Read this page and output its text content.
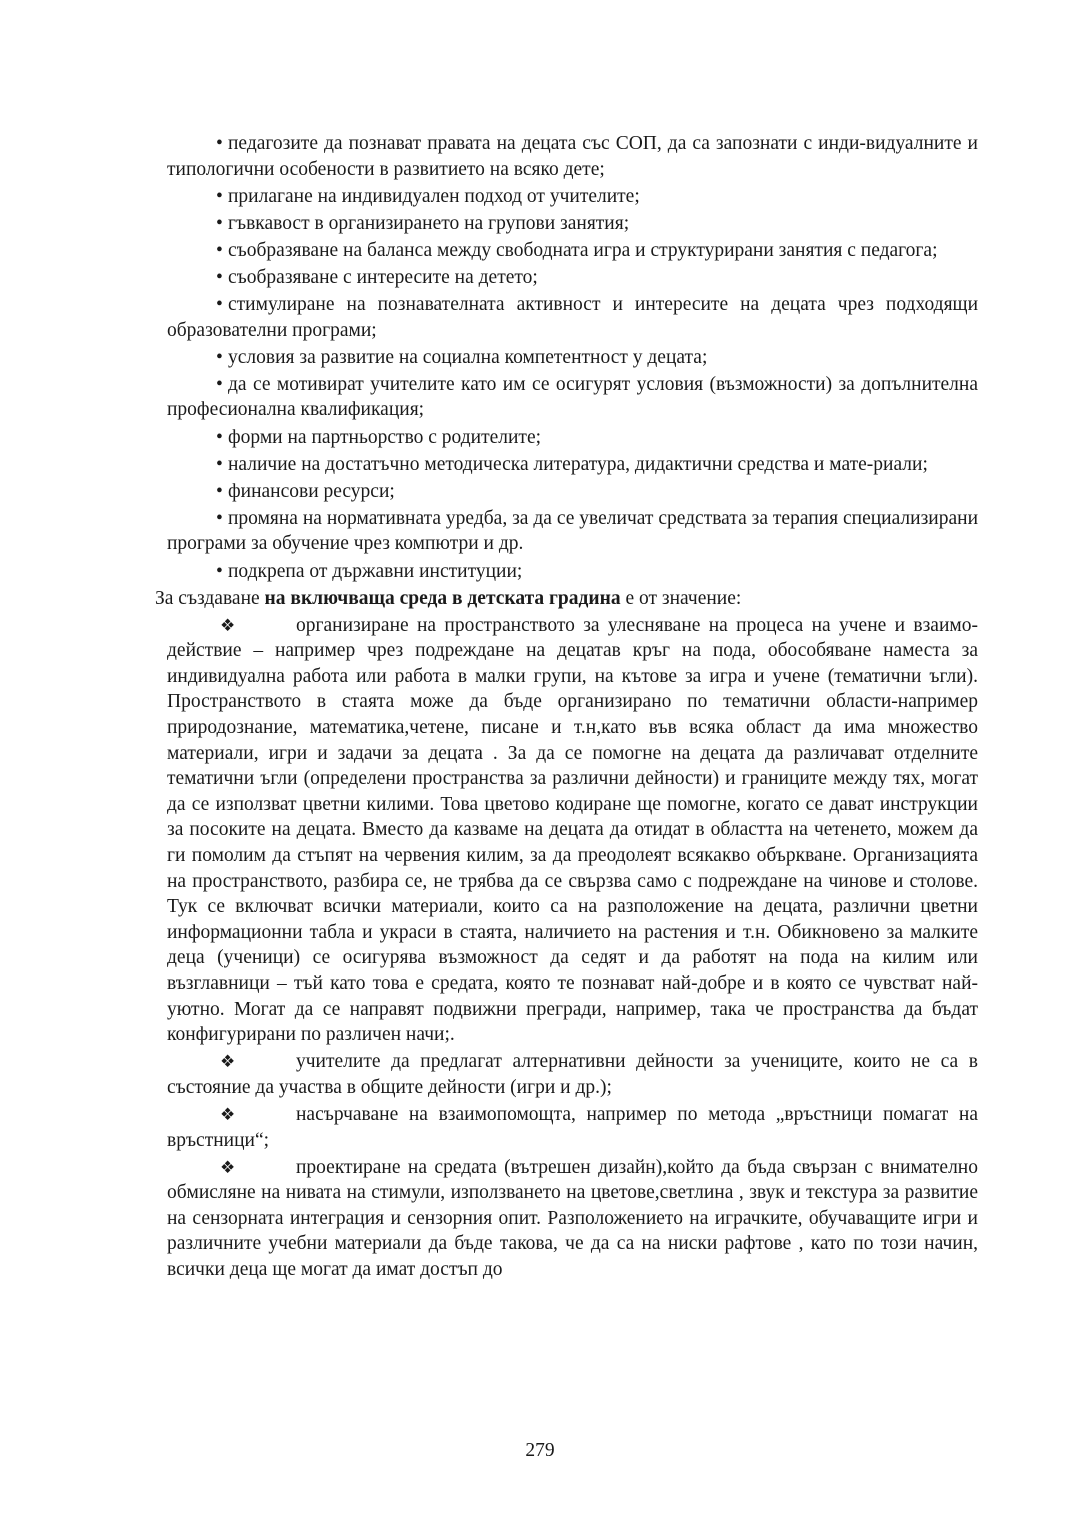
• педагозите да познават правата на децата със СОП, да са запознати с инди-видуалните и типологични особености в развитието на всяко дете;
• прилагане на индивидуален подход от учителите;
• гъвкавост в организирането на групови занятия;
• съобразяване на баланса между свободната игра и структурирани занятия с педагога;
• съобразяване с интересите на детето;
• стимулиране на познавателната активност и интересите на децата чрез подходящи образователни програми;
• условия за развитие на социална компетентност у децата;
• да се мотивират учителите като им се осигурят условия (възможности) за допълнителна професионална квалификация;
• форми на партньорство с родителите;
• наличие на достатъчно методическа литература, дидактични средства и мате-риали;
• финансови ресурси;
• промяна на нормативната уредба, за да се увеличат средствата за терапия специализирани програми за обучение чрез компютри и др.
• подкрепа от държавни институции;
За създаване на включваща среда в детската градина е от значение:
❖	организиране на пространството за улесняване на процеса на учене и взаимо-действие – например чрез подреждане на децатав кръг на пода, обособяване наместа за индивидуална работа или работа в малки групи, на кътове за игра и учене (тематични ъгли). Пространството в стаята може да бъде организирано по тематични области-например природознание, математика,четене, писане и т.н,като във всяка област да има множество материали, игри и задачи за децата . За да се помогне на децата да различават отделните тематични ъгли (определени пространства за различни дейности) и границите между тях, могат да се използват цветни килими. Това цветово кодиране ще помогне, когато се дават инструкции за посоките на децата. Вместо да казваме на децата да отидат в областта на четенето, можем да ги помолим да стъпят на червения килим, за да преодолеят всякакво объркване. Организацията на пространството, разбира се, не трябва да се свързва само с подреждане на чинове и столове. Тук се включват всички материали, които са на разположение на децата, различни цветни информационни табла и украси в стаята, наличието на растения и т.н. Обикновено за малките деца (ученици) се осигурява възможност да седят и да работят на пода на килим или възглавници – тъй като това е средата, която те познават най-добре и в която се чувстват най-уютно. Могат да се направят подвижни прегради, например, така че пространства да бъдат конфигурирани по различен начи;.
❖	учителите да предлагат алтернативни дейности за учениците, които не са в състояние да участва в общите дейности (игри и др.);
❖	насърчаване на взаимопомощта, например по метода „връстници помагат на връстници“;
❖	проектиране на средата (вътрешен дизайн),който да бъда свързан с внимателно обмисляне на нивата на стимули, използването на цветове,светлина , звук и текстура за развитие на сензорната интеграция и сензорния опит. Разположението на играчките, обучаващите игри и различните учебни материали да бъде такова, че да са на ниски рафтове , като по този начин, всички деца ще могат да имат достъп до
279
